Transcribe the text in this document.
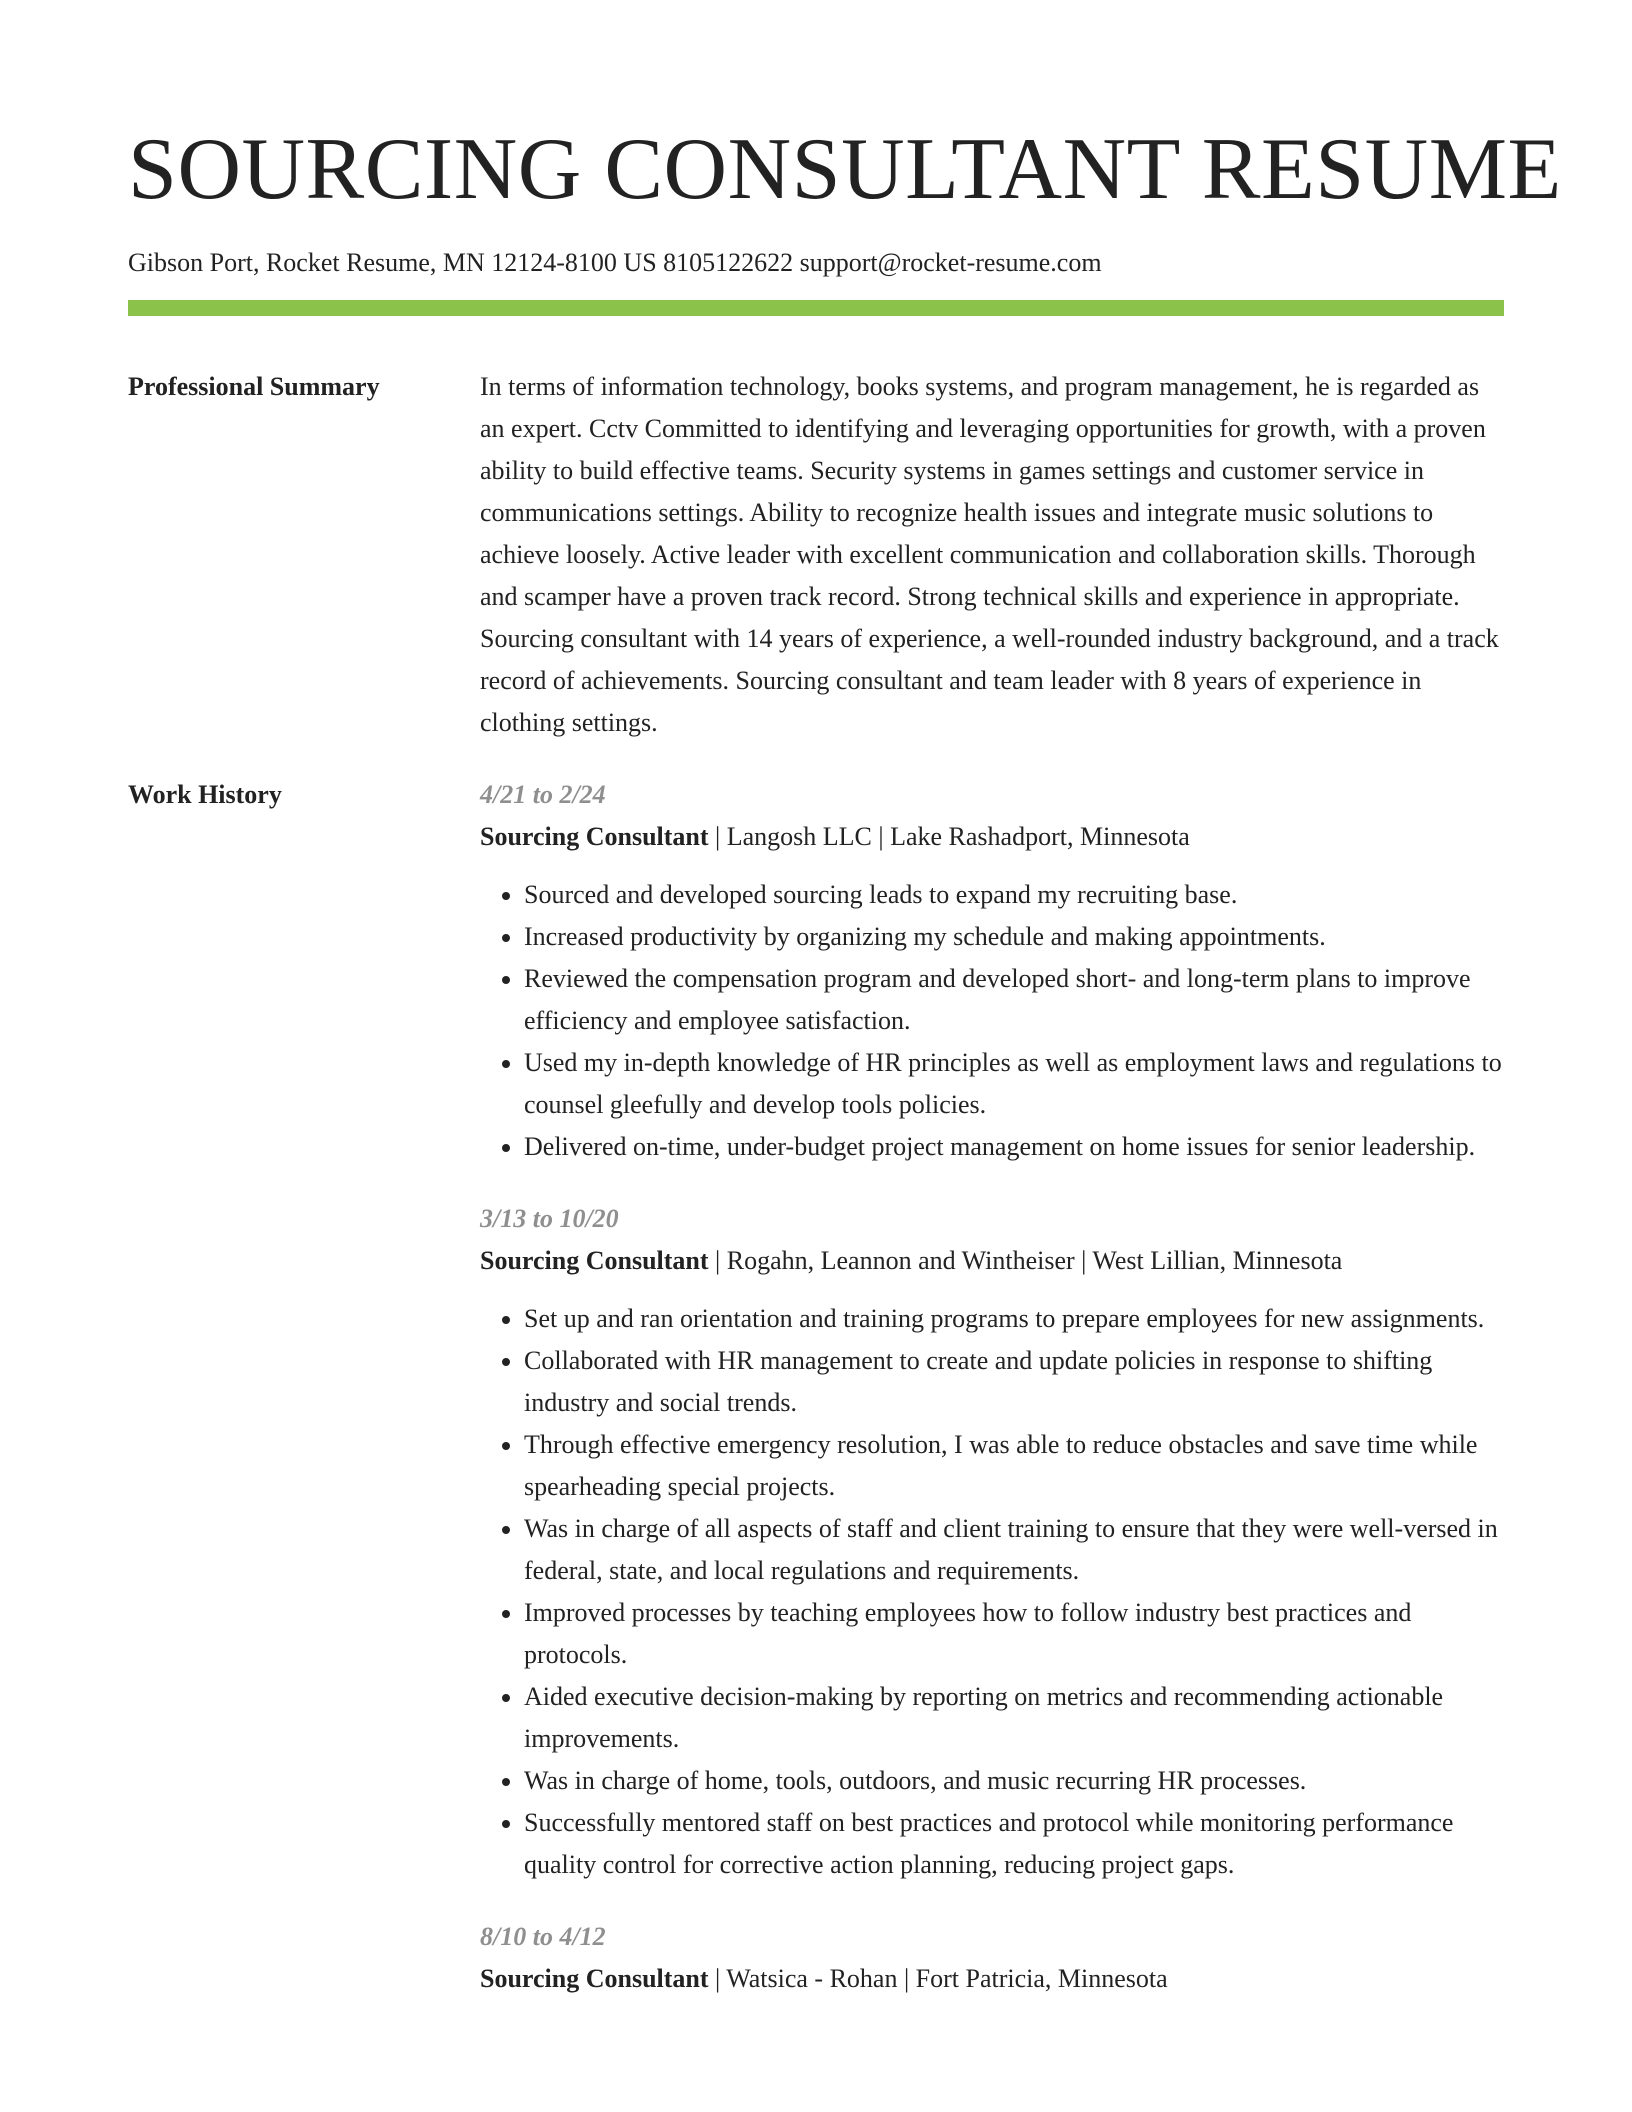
SOURCING CONSULTANT RESUME
Gibson Port, Rocket Resume, MN 12124-8100 US 8105122622 support@rocket-resume.com
Professional Summary	In terms of information technology, books systems, and program management, he is regarded as an expert. Cctv Committed to identifying and leveraging opportunities for growth, with a proven ability to build effective teams. Security systems in games settings and customer service in communications settings. Ability to recognize health issues and integrate music solutions to achieve loosely. Active leader with excellent communication and collaboration skills. Thorough and scamper have a proven track record. Strong technical skills and experience in appropriate. Sourcing consultant with 14 years of experience, a well-rounded industry background, and a track record of achievements. Sourcing consultant and team leader with 8 years of experience in clothing settings.

Work History	4/21 to 2/24
Sourcing Consultant | Langosh LLC | Lake Rashadport, Minnesota
• Sourced and developed sourcing leads to expand my recruiting base.
• Increased productivity by organizing my schedule and making appointments.
• Reviewed the compensation program and developed short- and long-term plans to improve efficiency and employee satisfaction.
• Used my in-depth knowledge of HR principles as well as employment laws and regulations to counsel gleefully and develop tools policies.
• Delivered on-time, under-budget project management on home issues for senior leadership.
3/13 to 10/20
Sourcing Consultant | Rogahn, Leannon and Wintheiser | West Lillian, Minnesota
• Set up and ran orientation and training programs to prepare employees for new assignments.
• Collaborated with HR management to create and update policies in response to shifting industry and social trends.
• Through effective emergency resolution, I was able to reduce obstacles and save time while spearheading special projects.
• Was in charge of all aspects of staff and client training to ensure that they were well-versed in federal, state, and local regulations and requirements.
• Improved processes by teaching employees how to follow industry best practices and protocols.
• Aided executive decision-making by reporting on metrics and recommending actionable improvements.
• Was in charge of home, tools, outdoors, and music recurring HR processes.
• Successfully mentored staff on best practices and protocol while monitoring performance quality control for corrective action planning, reducing project gaps.
8/10 to 4/12
Sourcing Consultant | Watsica - Rohan | Fort Patricia, Minnesota
